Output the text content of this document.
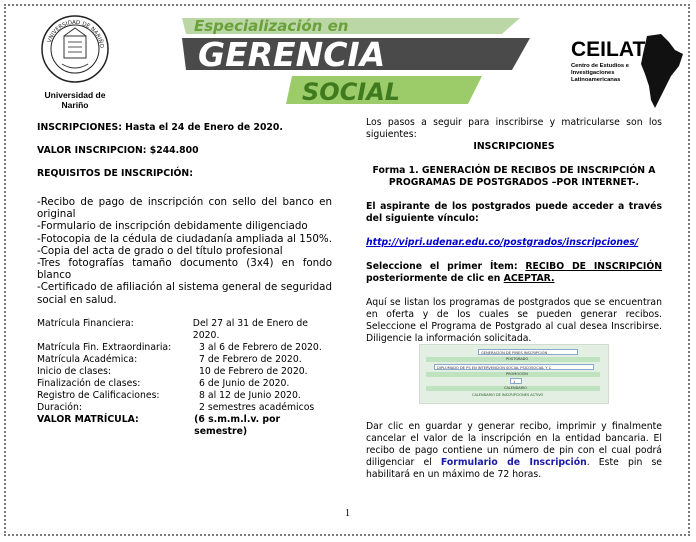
VNIVERSIDAD DE NARIÑO
Universidad de Nariño
Especialización en
GERENCIA
SOCIAL
CEILAT
Centro de Estudios e Investigaciones Latinoamericanas

INSCRIPCIONES: Hasta el 24 de Enero de 2020.

VALOR INSCRIPCION: $244.800

REQUISITOS DE INSCRIPCIÓN:

-Recibo de pago de inscripción con sello del banco en original
-Formulario de inscripción debidamente diligenciado
-Fotocopia de la cédula de ciudadanía ampliada al 150%.
-Copia del acta de grado o del título profesional
-Tres fotografías tamaño documento (3x4) en fondo blanco
-Certificado de afiliación al sistema general de seguridad social en salud.
Matrícula Financiera:	Del 27 al 31 de Enero de 2020.
Matrícula Fin. Extraordinaria:	3 al 6 de Febrero de 2020.
Matrícula Académica:	7 de Febrero de 2020.
Inicio de clases:	10 de Febrero de 2020.
Finalización de clases:	6 de Junio de 2020.
Registro de Calificaciones:	8 al 12 de Junio 2020.
Duración:	2 semestres académicos
VALOR MATRÍCULA:	(6 s.m.m.l.v. por semestre)

Los pasos a seguir para inscribirse y matricularse son los siguientes:

INSCRIPCIONES

Forma 1. GENERACIÓN DE RECIBOS DE INSCRIPCIÓN A PROGRAMAS DE POSTGRADOS –POR INTERNET-.

El aspirante de los postgrados puede acceder a través del siguiente vínculo:

http://vipri.udenar.edu.co/postgrados/inscripciones/

Seleccione el primer Ítem: RECIBO DE INSCRIPCIÓN posteriormente de clic en ACEPTAR.

Aquí se listan los programas de postgrados que se encuentran en oferta y de los cuales se pueden generar recibos. Seleccione el Programa de Postgrado al cual desea Inscribirse. Diligencie la información solicitada.

GENERACIÓN DE PINES INSCRIPCIÓN
POSTGRADO
DIPLOMADO DE PS EN INTERVENCIÓN SOCIAL PSICOSOCIAL Y C
PROMOCION
1
CALENDARIO
CALENDARIO DE INSCRIPCIONES ACTIVO

Dar clic en guardar y generar recibo, imprimir y finalmente cancelar el valor de la inscripción en la entidad bancaria. El recibo de pago contiene un número de pin con el cual podrá diligenciar el Formulario de Inscripción. Este pin se habilitará en un máximo de 72 horas.

1
